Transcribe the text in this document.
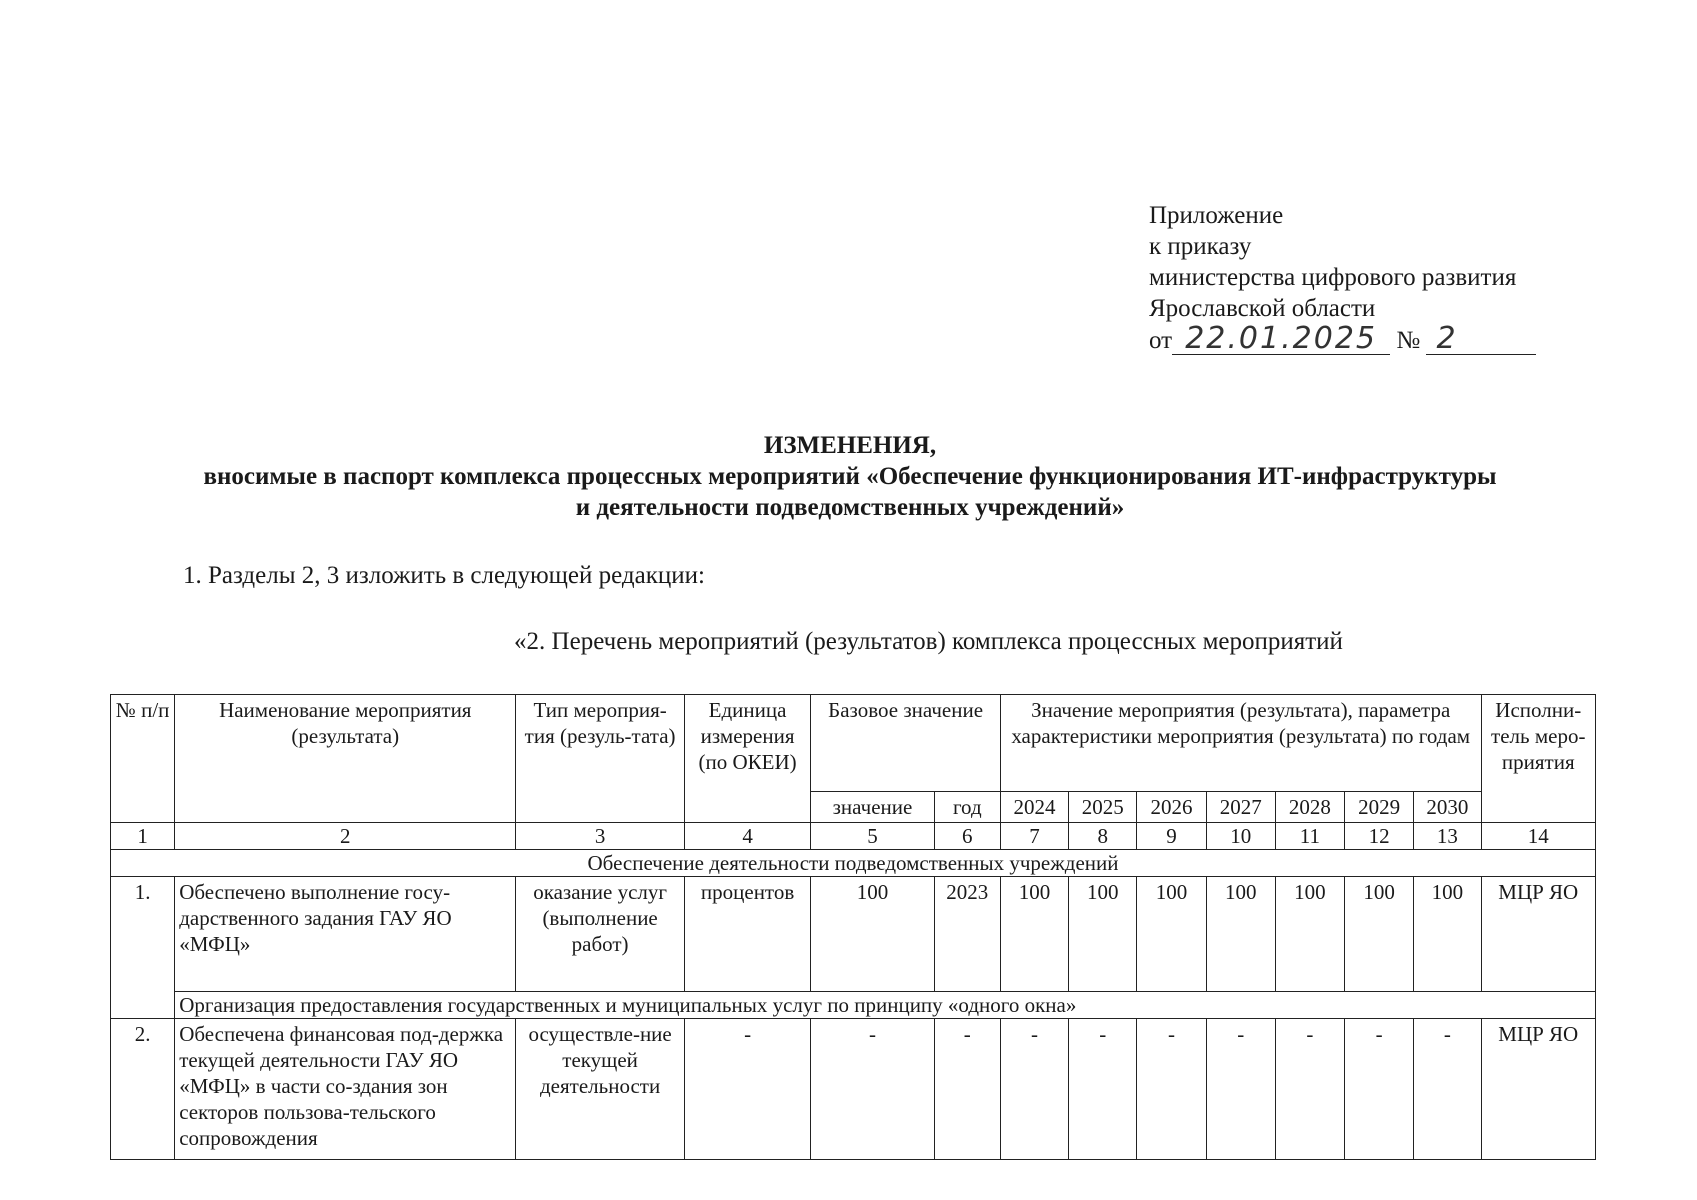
Приложение
к приказу
министерства цифрового развития
Ярославской области
от 22.01.2025 № 2
ИЗМЕНЕНИЯ,
вносимые в паспорт комплекса процессных мероприятий «Обеспечение функционирования ИТ-инфраструктуры
и деятельности подведомственных учреждений»
1. Разделы 2, 3 изложить в следующей редакции:
«2. Перечень мероприятий (результатов) комплекса процессных мероприятий
№ п/п	Наименование мероприятия (результата)	Тип мероприя-тия (резуль-тата)	Единица измерения (по ОКЕИ)	Базовое значение		Значение мероприятия (результата), параметра характеристики мероприятия (результата) по годам							Исполни-тель меро-приятия
				значение	год	2024	2025	2026	2027	2028	2029	2030	
1	2	3	4	5	6	7	8	9	10	11	12	13	14
Обеспечение деятельности подведомственных учреждений													
1.	Обеспечено выполнение госу-дарственного задания ГАУ ЯО «МФЦ»	оказание услуг (выполнение работ)	процентов	100	2023	100	100	100	100	100	100	100	МЦР ЯО
	Организация предоставления государственных и муниципальных услуг по принципу «одного окна»												
2.	Обеспечена финансовая под-держка текущей деятельности ГАУ ЯО «МФЦ» в части со-здания зон секторов пользова-тельского сопровождения	осуществле-ние текущей деятельности	-	-	-	-	-	-	-	-	-	-	МЦР ЯО
